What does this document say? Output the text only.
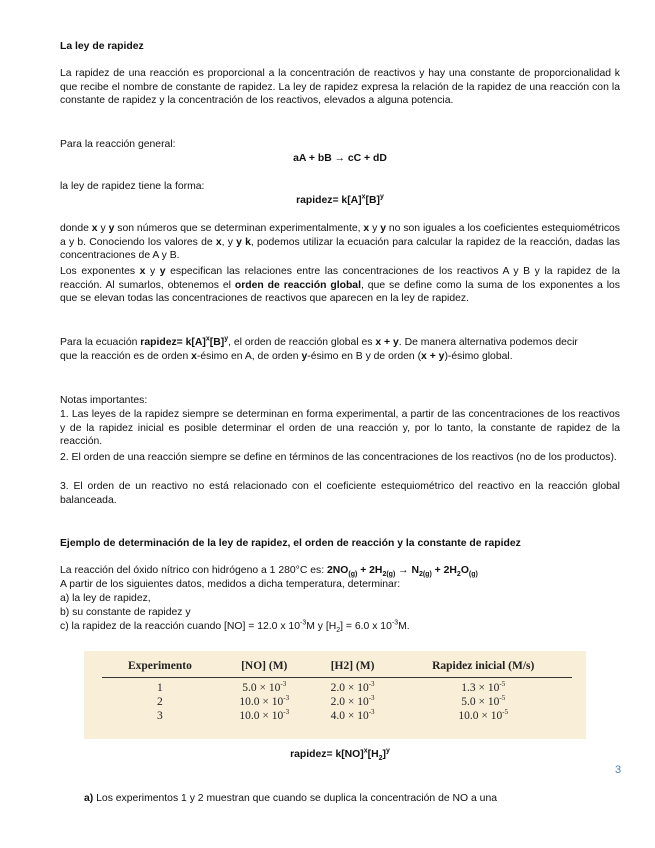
La ley de rapidez
La rapidez de una reacción es proporcional a la concentración de reactivos y hay una constante de proporcionalidad k que recibe el nombre de constante de rapidez. La ley de rapidez expresa la relación de la rapidez de una reacción con la constante de rapidez y la concentración de los reactivos, elevados a alguna potencia.
Para la reacción general:
aA + bB → cC + dD
la ley de rapidez tiene la forma:
rapidez= $k[A]^x[B]^y$
donde x y y son números que se determinan experimentalmente, x y y no son iguales a los coeficientes estequiométricos a y b. Conociendo los valores de x, y y k, podemos utilizar la ecuación para calcular la rapidez de la reacción, dadas las concentraciones de A y B.
Los exponentes x y y especifican las relaciones entre las concentraciones de los reactivos A y B y la rapidez de la reacción. Al sumarlos, obtenemos el orden de reacción global, que se define como la suma de los exponentes a los que se elevan todas las concentraciones de reactivos que aparecen en la ley de rapidez.
Para la ecuación rapidez= $k[A]^x[B]^y$, el orden de reacción global es x + y. De manera alternativa podemos decir que la reacción es de orden x-ésimo en A, de orden y-ésimo en B y de orden (x + y)-ésimo global.
Notas importantes:
1. Las leyes de la rapidez siempre se determinan en forma experimental, a partir de las concentraciones de los reactivos y de la rapidez inicial es posible determinar el orden de una reacción y, por lo tanto, la constante de rapidez de la reacción.
2. El orden de una reacción siempre se define en términos de las concentraciones de los reactivos (no de los productos).
3. El orden de un reactivo no está relacionado con el coeficiente estequiométrico del reactivo en la reacción global balanceada.
Ejemplo de determinación de la ley de rapidez, el orden de reacción y la constante de rapidez
La reacción del óxido nítrico con hidrógeno a 1 280°C es: $2NO_{(g)} + 2H_{2(g)} \to N_{2(g)} + 2H_2O_{(g)}$
A partir de los siguientes datos, medidos a dicha temperatura, determinar:
a) la ley de rapidez,
b) su constante de rapidez y
c) la rapidez de la reacción cuando [NO] = 12.0 x $10^{-3}M$ y $[H_2] = 6.0$ x $10^{-3}M$.
Experimento	[NO] (M)	[H2] (M)	Rapidez inicial (M/s)
1	$5.0 \times 10^{-3}$	$2.0 \times 10^{-3}$	$1.3 \times 10^{-5}$
2	$10.0 \times 10^{-3}$	$2.0 \times 10^{-3}$	$5.0 \times 10^{-5}$
3	$10.0 \times 10^{-3}$	$4.0 \times 10^{-3}$	$10.0 \times 10^{-5}$
rapidez= $k[NO]^x[H_2]^y$
3
a) Los experimentos 1 y 2 muestran que cuando se duplica la concentración de NO a una
